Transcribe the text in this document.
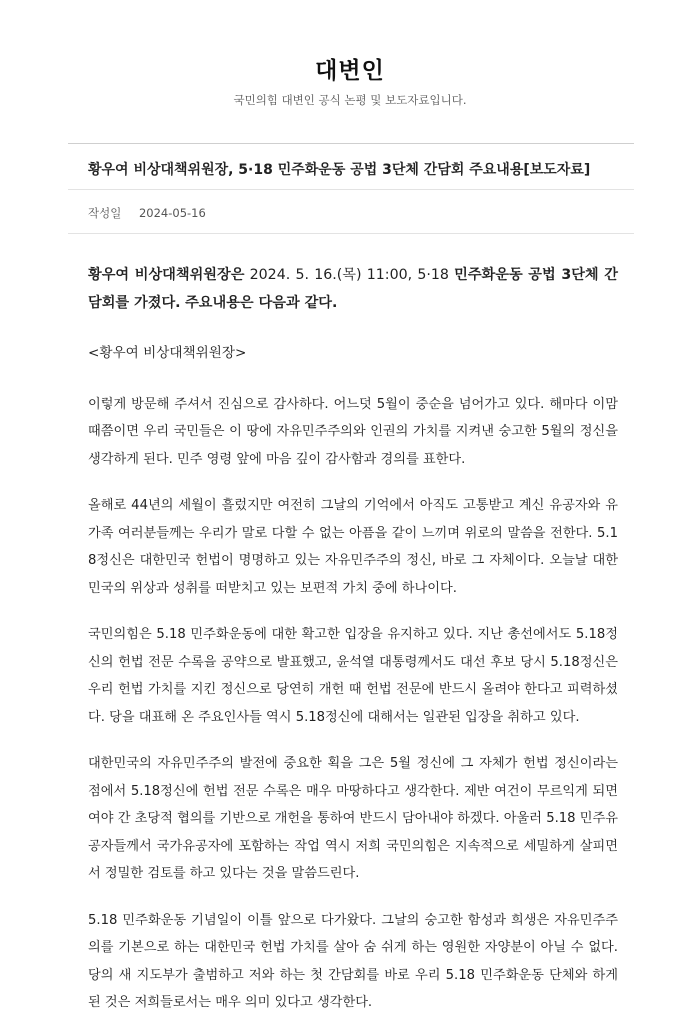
대변인
국민의힘 대변인 공식 논평 및 보도자료입니다.
황우여 비상대책위원장, 5·18 민주화운동 공법 3단체 간담회 주요내용[보도자료]
작성일 2024-05-16

황우여 비상대책위원장은 2024. 5. 16.(목) 11:00, 5·18 민주화운동 공법 3단체 간담회를 가졌다. 주요내용은 다음과 같다.

<황우여 비상대책위원장>

이렇게 방문해 주셔서 진심으로 감사하다. 어느덧 5월이 중순을 넘어가고 있다. 해마다 이맘때쯤이면 우리 국민들은 이 땅에 자유민주주의와 인권의 가치를 지켜낸 숭고한 5월의 정신을 생각하게 된다. 민주 영령 앞에 마음 깊이 감사함과 경의를 표한다.

올해로 44년의 세월이 흘렀지만 여전히 그날의 기억에서 아직도 고통받고 계신 유공자와 유가족 여러분들께는 우리가 말로 다할 수 없는 아픔을 같이 느끼며 위로의 말씀을 전한다. 5.18정신은 대한민국 헌법이 명명하고 있는 자유민주주의 정신, 바로 그 자체이다. 오늘날 대한민국의 위상과 성취를 떠받치고 있는 보편적 가치 중에 하나이다.

국민의힘은 5.18 민주화운동에 대한 확고한 입장을 유지하고 있다. 지난 총선에서도 5.18정신의 헌법 전문 수록을 공약으로 발표했고, 윤석열 대통령께서도 대선 후보 당시 5.18정신은 우리 헌법 가치를 지킨 정신으로 당연히 개헌 때 헌법 전문에 반드시 올려야 한다고 피력하셨다. 당을 대표해 온 주요인사들 역시 5.18정신에 대해서는 일관된 입장을 취하고 있다.

대한민국의 자유민주주의 발전에 중요한 획을 그은 5월 정신에 그 자체가 헌법 정신이라는 점에서 5.18정신에 헌법 전문 수록은 매우 마땅하다고 생각한다. 제반 여건이 무르익게 되면 여야 간 초당적 협의를 기반으로 개헌을 통하여 반드시 담아내야 하겠다. 아울러 5.18 민주유공자들께서 국가유공자에 포함하는 작업 역시 저희 국민의힘은 지속적으로 세밀하게 살피면서 정밀한 검토를 하고 있다는 것을 말씀드린다.

5.18 민주화운동 기념일이 이틀 앞으로 다가왔다. 그날의 숭고한 함성과 희생은 자유민주주의를 기본으로 하는 대한민국 헌법 가치를 살아 숨 쉬게 하는 영원한 자양분이 아닐 수 없다. 당의 새 지도부가 출범하고 저와 하는 첫 간담회를 바로 우리 5.18 민주화운동 단체와 하게 된 것은 저희들로서는 매우 의미 있다고 생각한다.
